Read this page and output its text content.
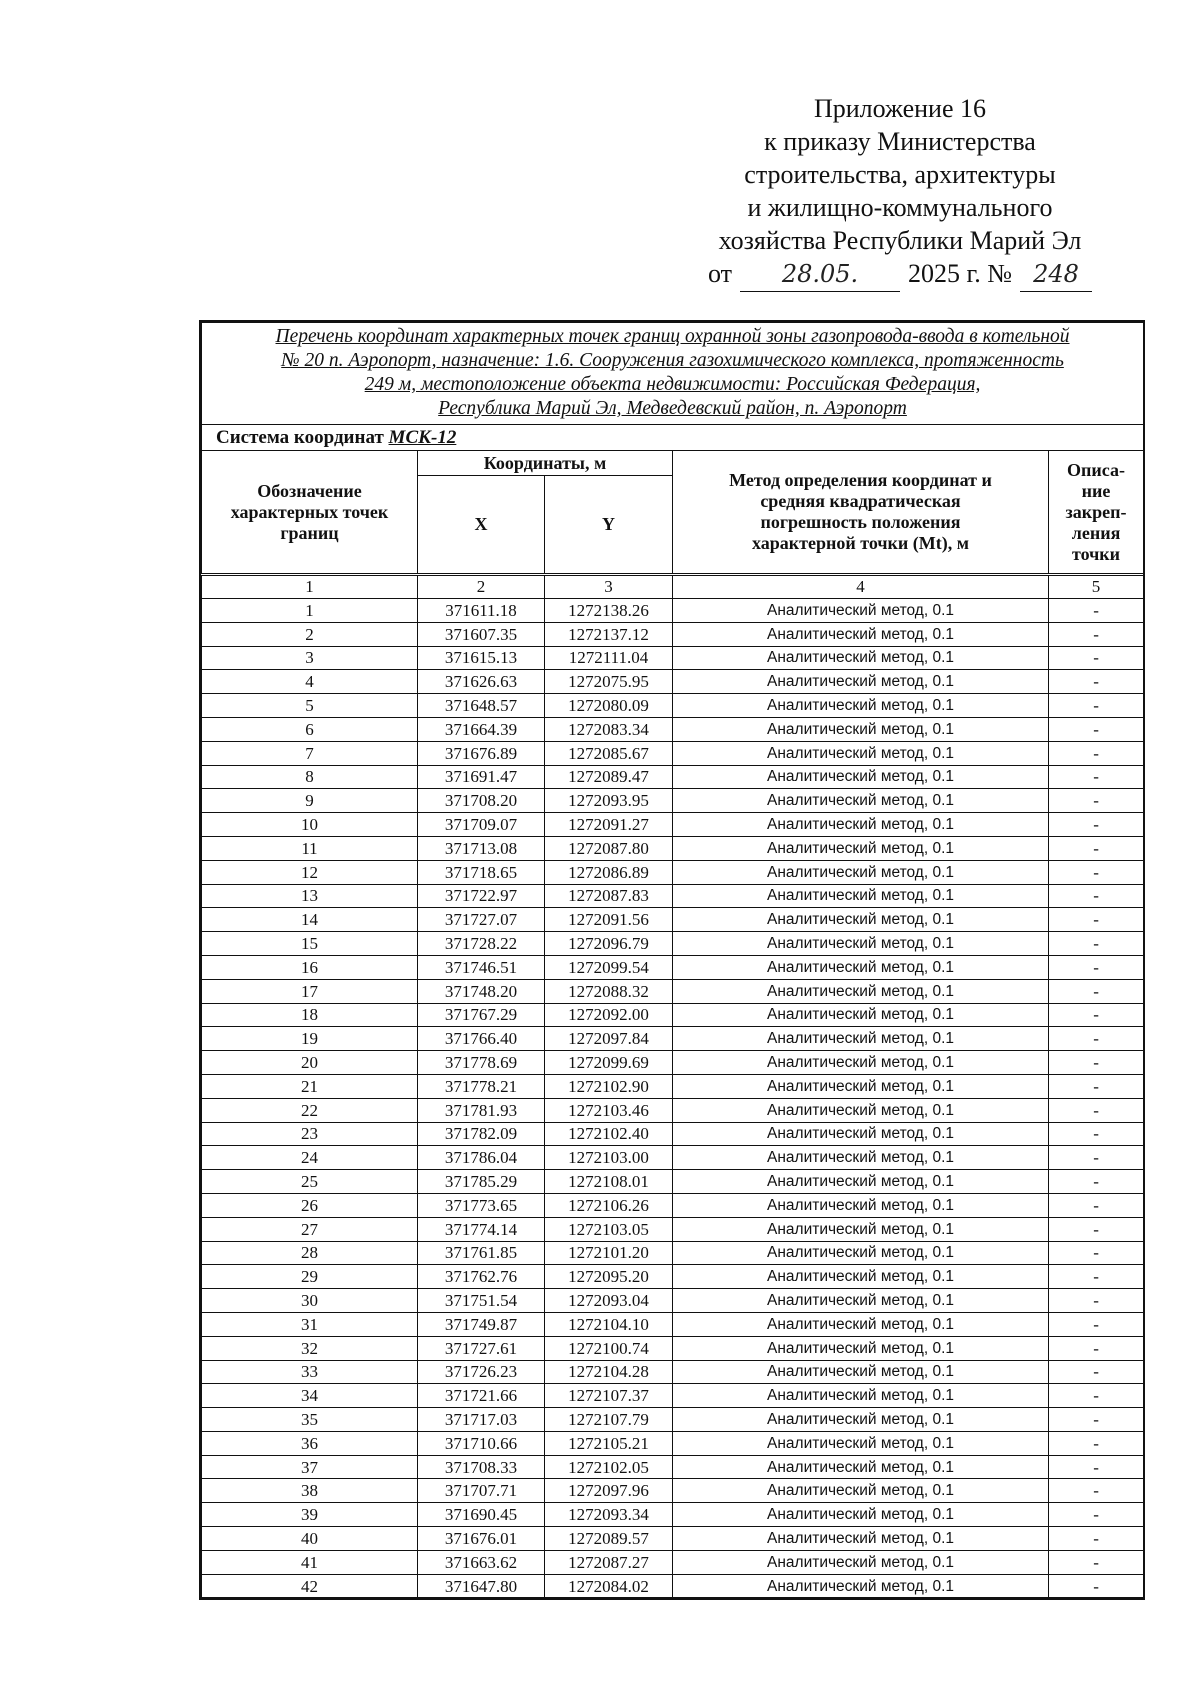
Приложение 16
к приказу Министерства
строительства, архитектуры
и жилищно-коммунального
хозяйства Республики Марий Эл
от	28.05.	2025 г. № 248
Перечень координат характерных точек границ охранной зоны газопровода-ввода в котельной
№ 20 п. Аэропорт, назначение: 1.6. Сооружения газохимического комплекса, протяженность
249 м, местоположение объекта недвижимости: Российская Федерация,
Республика Марий Эл, Медведевский район, п. Аэропорт				

Система координат МСК-12				

Обозначение
характерных точек
границ	Координаты, м		Метод определения координат и
средняя квадратическая
погрешность положения
характерной точки (Mt), м	Описа-
ние
закреп-
ления
точки

	X	Y		

1	2	3	4	5
1	371611.18	1272138.26	Аналитический метод, 0.1	-
2	371607.35	1272137.12	Аналитический метод, 0.1	-
3	371615.13	1272111.04	Аналитический метод, 0.1	-
4	371626.63	1272075.95	Аналитический метод, 0.1	-
5	371648.57	1272080.09	Аналитический метод, 0.1	-
6	371664.39	1272083.34	Аналитический метод, 0.1	-
7	371676.89	1272085.67	Аналитический метод, 0.1	-
8	371691.47	1272089.47	Аналитический метод, 0.1	-
9	371708.20	1272093.95	Аналитический метод, 0.1	-
10	371709.07	1272091.27	Аналитический метод, 0.1	-
11	371713.08	1272087.80	Аналитический метод, 0.1	-
12	371718.65	1272086.89	Аналитический метод, 0.1	-
13	371722.97	1272087.83	Аналитический метод, 0.1	-
14	371727.07	1272091.56	Аналитический метод, 0.1	-
15	371728.22	1272096.79	Аналитический метод, 0.1	-
16	371746.51	1272099.54	Аналитический метод, 0.1	-
17	371748.20	1272088.32	Аналитический метод, 0.1	-
18	371767.29	1272092.00	Аналитический метод, 0.1	-
19	371766.40	1272097.84	Аналитический метод, 0.1	-
20	371778.69	1272099.69	Аналитический метод, 0.1	-
21	371778.21	1272102.90	Аналитический метод, 0.1	-
22	371781.93	1272103.46	Аналитический метод, 0.1	-
23	371782.09	1272102.40	Аналитический метод, 0.1	-
24	371786.04	1272103.00	Аналитический метод, 0.1	-
25	371785.29	1272108.01	Аналитический метод, 0.1	-
26	371773.65	1272106.26	Аналитический метод, 0.1	-
27	371774.14	1272103.05	Аналитический метод, 0.1	-
28	371761.85	1272101.20	Аналитический метод, 0.1	-
29	371762.76	1272095.20	Аналитический метод, 0.1	-
30	371751.54	1272093.04	Аналитический метод, 0.1	-
31	371749.87	1272104.10	Аналитический метод, 0.1	-
32	371727.61	1272100.74	Аналитический метод, 0.1	-
33	371726.23	1272104.28	Аналитический метод, 0.1	-
34	371721.66	1272107.37	Аналитический метод, 0.1	-
35	371717.03	1272107.79	Аналитический метод, 0.1	-
36	371710.66	1272105.21	Аналитический метод, 0.1	-
37	371708.33	1272102.05	Аналитический метод, 0.1	-
38	371707.71	1272097.96	Аналитический метод, 0.1	-
39	371690.45	1272093.34	Аналитический метод, 0.1	-
40	371676.01	1272089.57	Аналитический метод, 0.1	-
41	371663.62	1272087.27	Аналитический метод, 0.1	-
42	371647.80	1272084.02	Аналитический метод, 0.1	-
